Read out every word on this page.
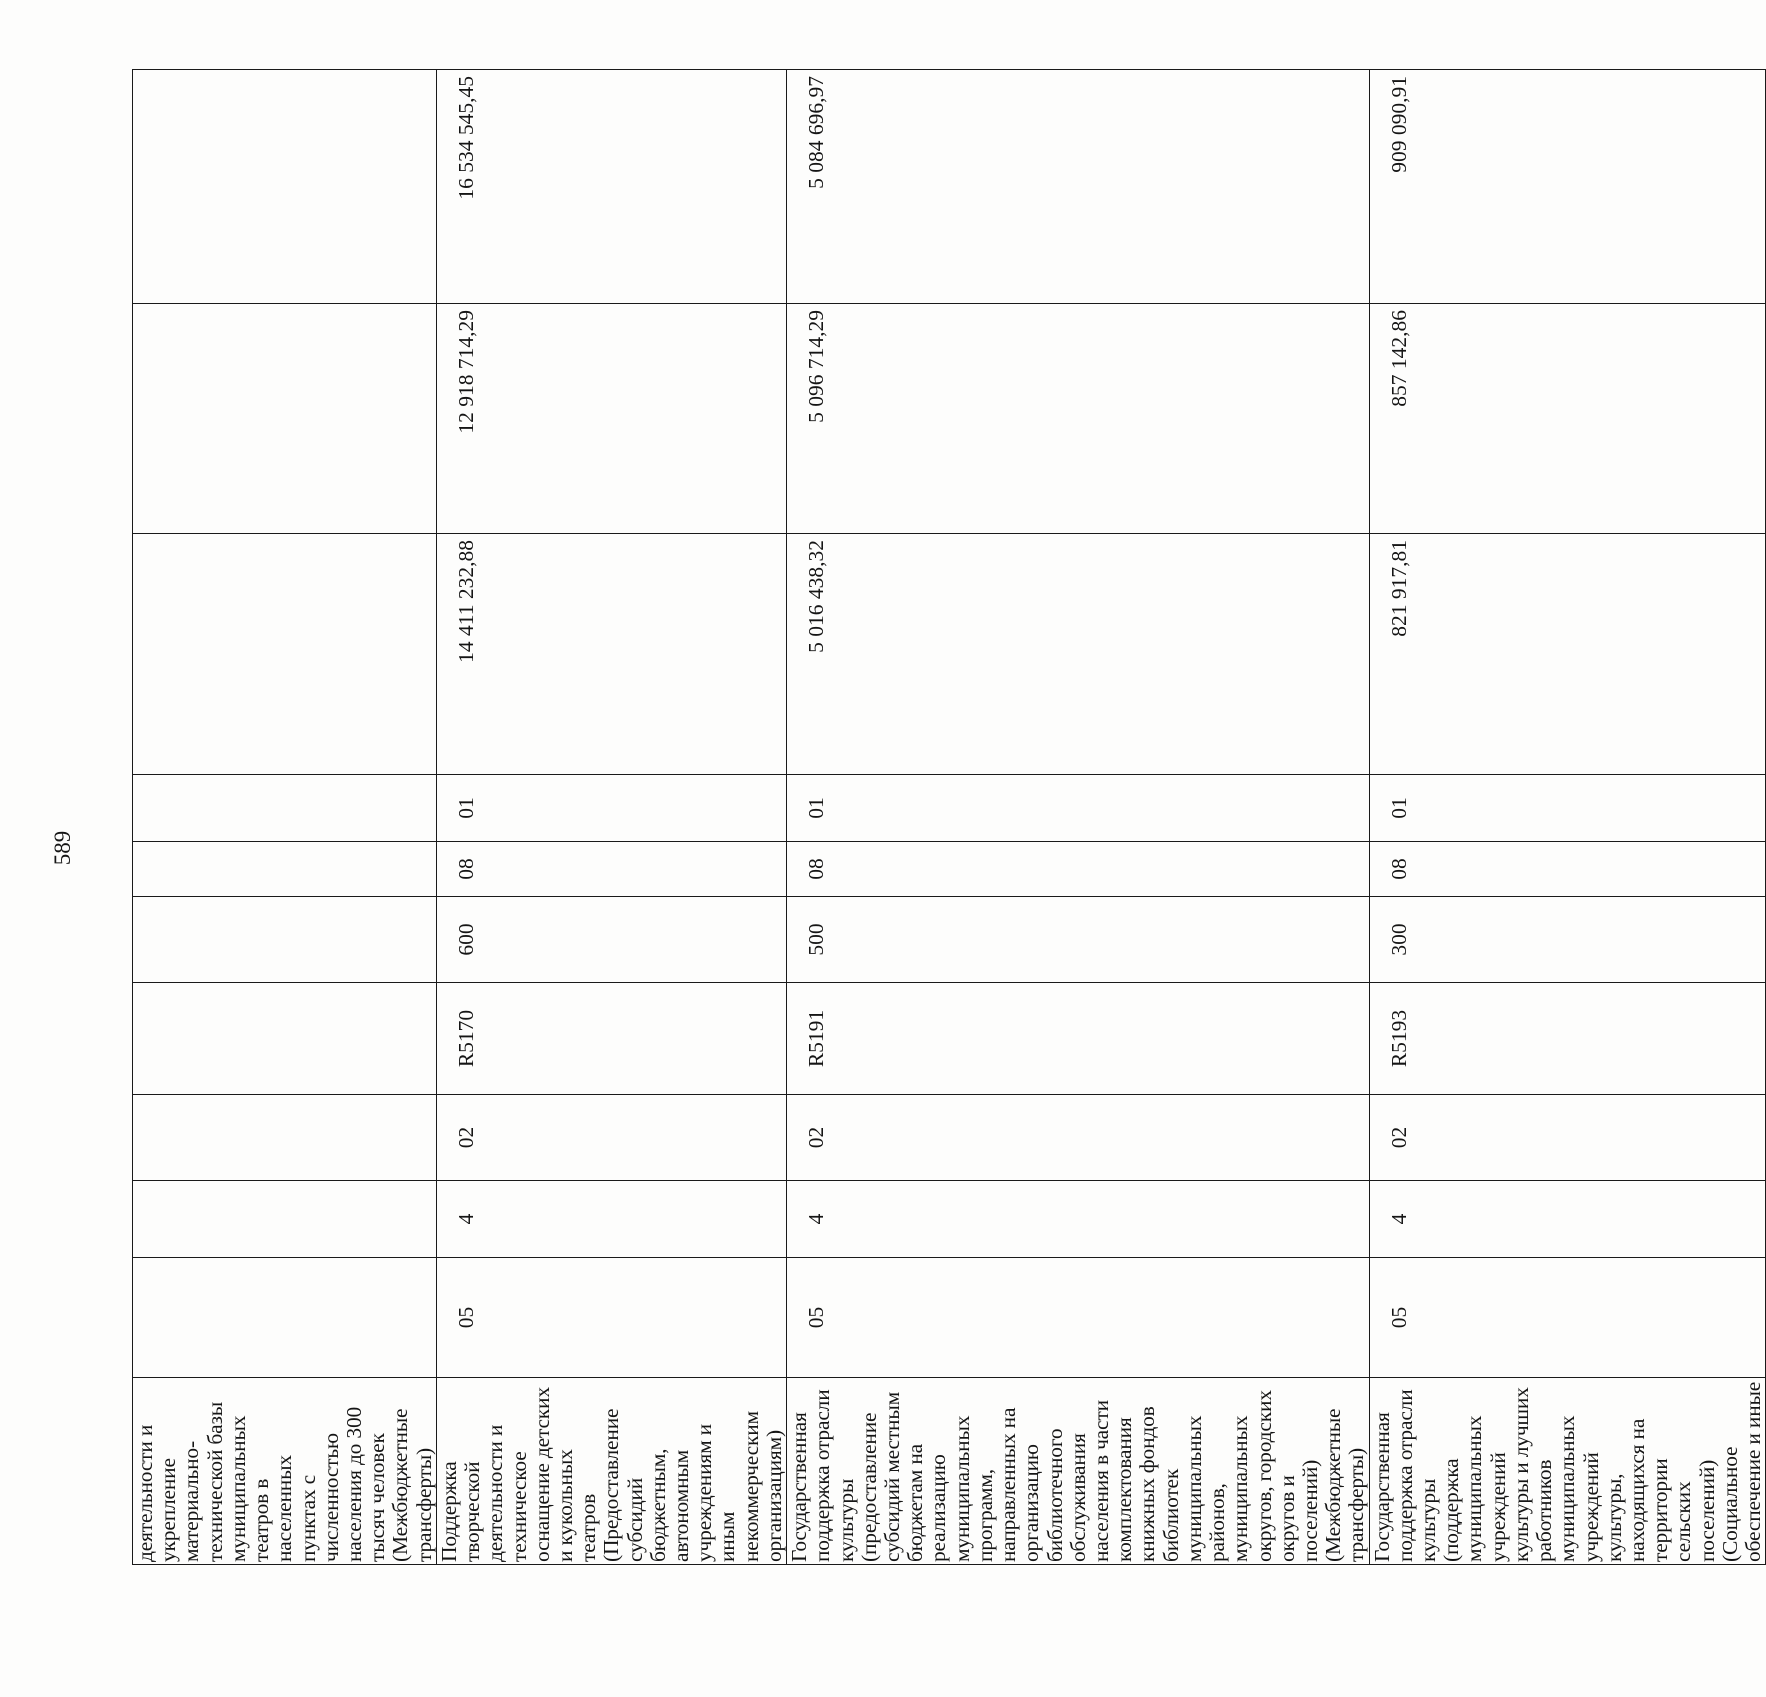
589
деятельности и укрепление материально-технической базы муниципальных театров в населенных пунктах с численностью населения до 300 тысяч человек (Межбюджетные трансферты)										
Поддержка творческой деятельности и техническое оснащение детских и кукольных театров (Предоставление субсидий бюджетным, автономным учреждениям и иным некоммерческим организациям)	05	4	02	R5170	600	08	01	14 411 232,88	12 918 714,29	16 534 545,45
Государственная поддержка отрасли культуры (предоставление субсидий местным бюджетам на реализацию муниципальных программ, направленных на организацию библиотечного обслуживания населения в части комплектования книжных фондов библиотек муниципальных районов, муниципальных округов, городских округов и поселений) (Межбюджетные трансферты)	05	4	02	R5191	500	08	01	5 016 438,32	5 096 714,29	5 084 696,97
Государственная поддержка отрасли культуры (поддержка муниципальных учреждений культуры и лучших работников муниципальных учреждений культуры, находящихся на территории сельских поселений) (Социальное обеспечение и иные	05	4	02	R5193	300	08	01	821 917,81	857 142,86	909 090,91
